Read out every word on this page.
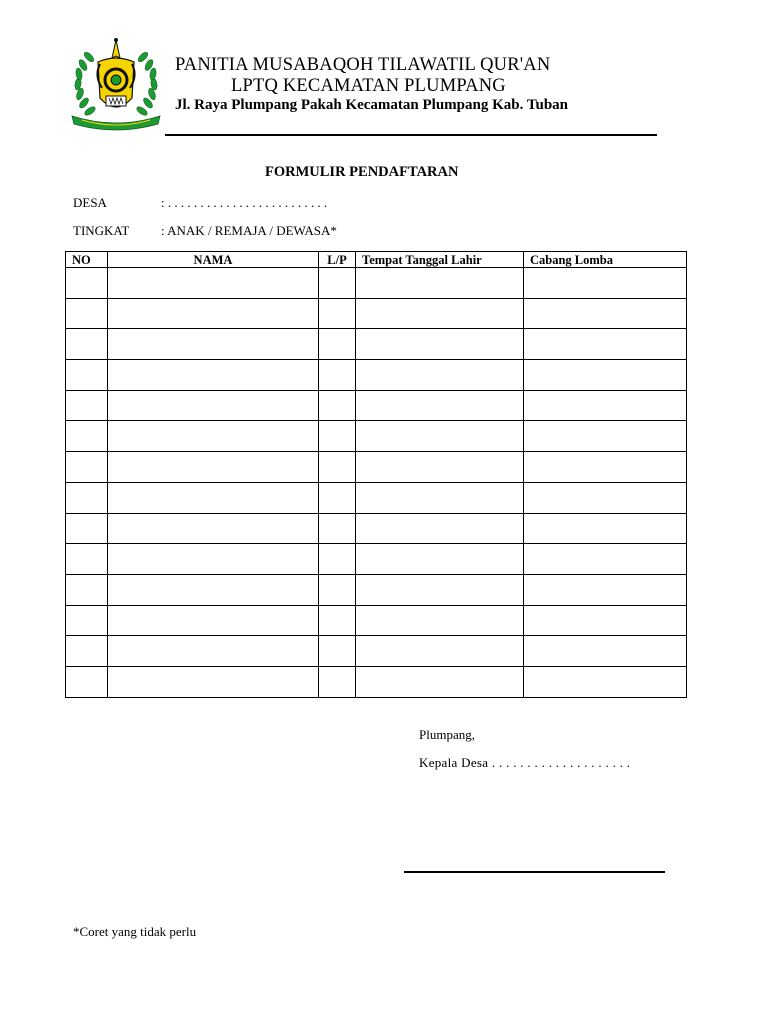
PANITIA MUSABAQOH TILAWATIL QUR'AN
LPTQ KECAMATAN PLUMPANG
Jl. Raya Plumpang Pakah Kecamatan Plumpang Kab. Tuban
FORMULIR PENDAFTARAN
DESA	: . . . . . . . . . . . . . . . . . . . . . . . . .
TINGKAT : ANAK / REMAJA / DEWASA*
NO	NAMA	L/P	Tempat Tanggal Lahir	Cabang Lomba

Plumpang,
Kepala Desa . . . . . . . . . . . . . . . . . . . .
*Coret yang tidak perlu
